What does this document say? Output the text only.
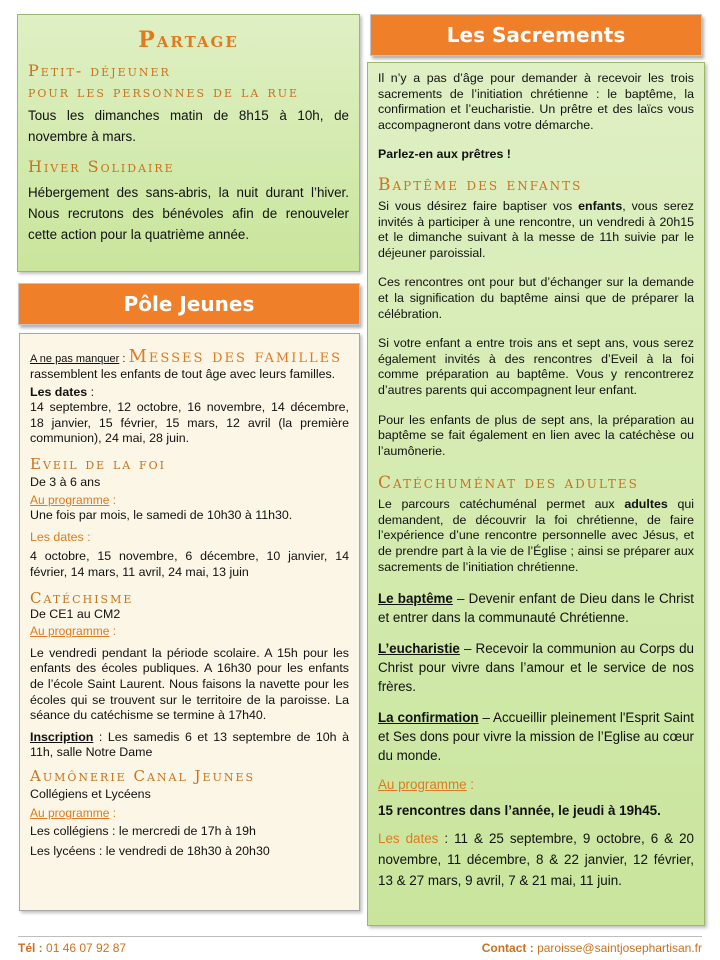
Partage
Petit- déjeuner
pour les personnes de la rue

Tous les dimanches matin de 8h15 à 10h, de novembre à mars.

Hiver Solidaire

Hébergement des sans-abris, la nuit durant l’hiver. Nous recrutons des bénévoles afin de renouveler cette action pour la quatrième année.

Pôle Jeunes
A ne pas manquer : Messes des familles

rassemblent les enfants de tout âge avec leurs familles.

Les dates :

14 septembre, 12 octobre, 16 novembre, 14 décembre, 18 janvier, 15 février, 15 mars, 12 avril (la première communion), 24 mai, 28 juin.

Eveil de la foi

De 3 à 6 ans

Au programme :

Une fois par mois, le samedi de 10h30 à 11h30.

Les dates :

4 octobre, 15 novembre, 6 décembre, 10 janvier, 14 février, 14 mars, 11 avril, 24 mai, 13 juin

Catéchisme

De CE1 au CM2

Au programme :

Le vendredi pendant la période scolaire. A 15h pour les enfants des écoles publiques. A 16h30 pour les enfants de l’école Saint Laurent. Nous faisons la navette pour les écoles qui se trouvent sur le territoire de la paroisse. La séance du catéchisme se termine à 17h40.

Inscription : Les samedis 6 et 13 septembre de 10h à 11h, salle Notre Dame

Aumônerie Canal Jeunes

Collégiens et Lycéens

Au programme :

Les collégiens : le mercredi de 17h à 19h

Les lycéens : le vendredi de 18h30 à 20h30

Les Sacrements

Il n’y a pas d’âge pour demander à recevoir les trois sacrements de l’initiation chrétienne : le baptême, la confirmation et l’eucharistie. Un prêtre et des laïcs vous accompagneront dans votre démarche.

Parlez-en aux prêtres !

Baptême des enfants

Si vous désirez faire baptiser vos enfants, vous serez invités à participer à une rencontre, un vendredi à 20h15 et le dimanche suivant à la messe de 11h suivie par le déjeuner paroissial.

Ces rencontres ont pour but d’échanger sur la demande et la signification du baptême ainsi que de préparer la célébration.

Si votre enfant a entre trois ans et sept ans, vous serez également invités à des rencontres d’Eveil à la foi comme préparation au baptême. Vous y rencontrerez d’autres parents qui accompagnent leur enfant.

Pour les enfants de plus de sept ans, la préparation au baptême se fait également en lien avec la catéchèse ou l’aumônerie.

Catéchuménat des adultes

Le parcours catéchuménal permet aux adultes qui demandent, de découvrir la foi chrétienne, de faire l’expérience d’une rencontre personnelle avec Jésus, et de prendre part à la vie de l’Église ; ainsi se préparer aux sacrements de l’initiation chrétienne.

Le baptême – Devenir enfant de Dieu dans le Christ et entrer dans la communauté Chrétienne.

L’eucharistie – Recevoir la communion au Corps du Christ pour vivre dans l’amour et le service de nos frères.

La confirmation – Accueillir pleinement l'Esprit Saint et Ses dons pour vivre la mission de l’Eglise au cœur du monde.

Au programme :

15 rencontres dans l’année, le jeudi à 19h45.

Les dates : 11 & 25 septembre, 9 octobre, 6 & 20 novembre, 11 décembre, 8 & 22 janvier, 12 février, 13 & 27 mars, 9 avril, 7 & 21 mai, 11 juin.

Tél : 01 46 07 92 87	Contact : paroisse@saintjosephartisan.fr
